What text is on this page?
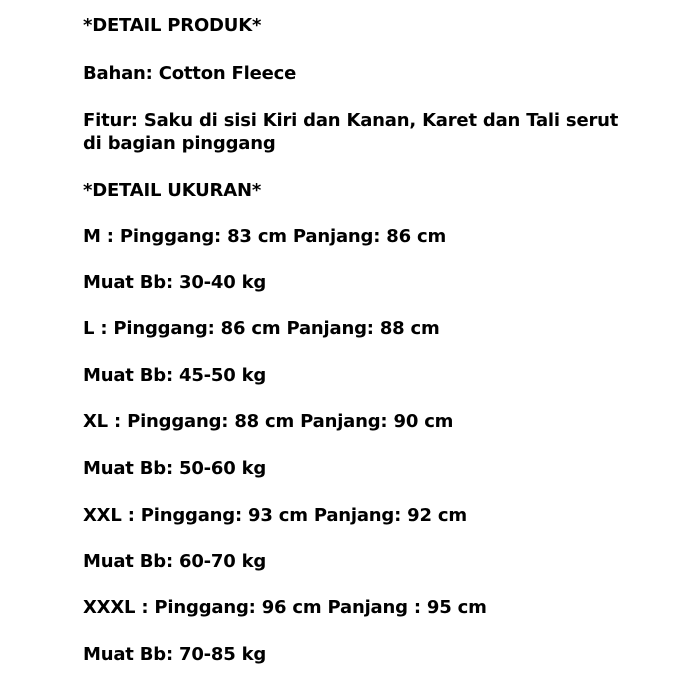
*DETAIL PRODUK*
Bahan: Cotton Fleece
Fitur: Saku di sisi Kiri dan Kanan, Karet dan Tali serut di bagian pinggang
*DETAIL UKURAN*
M : Pinggang: 83 cm Panjang: 86 cm
Muat Bb: 30-40 kg
L : Pinggang: 86 cm Panjang: 88 cm
Muat Bb: 45-50 kg
XL : Pinggang: 88 cm Panjang: 90 cm
Muat Bb: 50-60 kg
XXL : Pinggang: 93 cm Panjang: 92 cm
Muat Bb: 60-70 kg
XXXL : Pinggang: 96 cm Panjang : 95 cm
Muat Bb: 70-85 kg
